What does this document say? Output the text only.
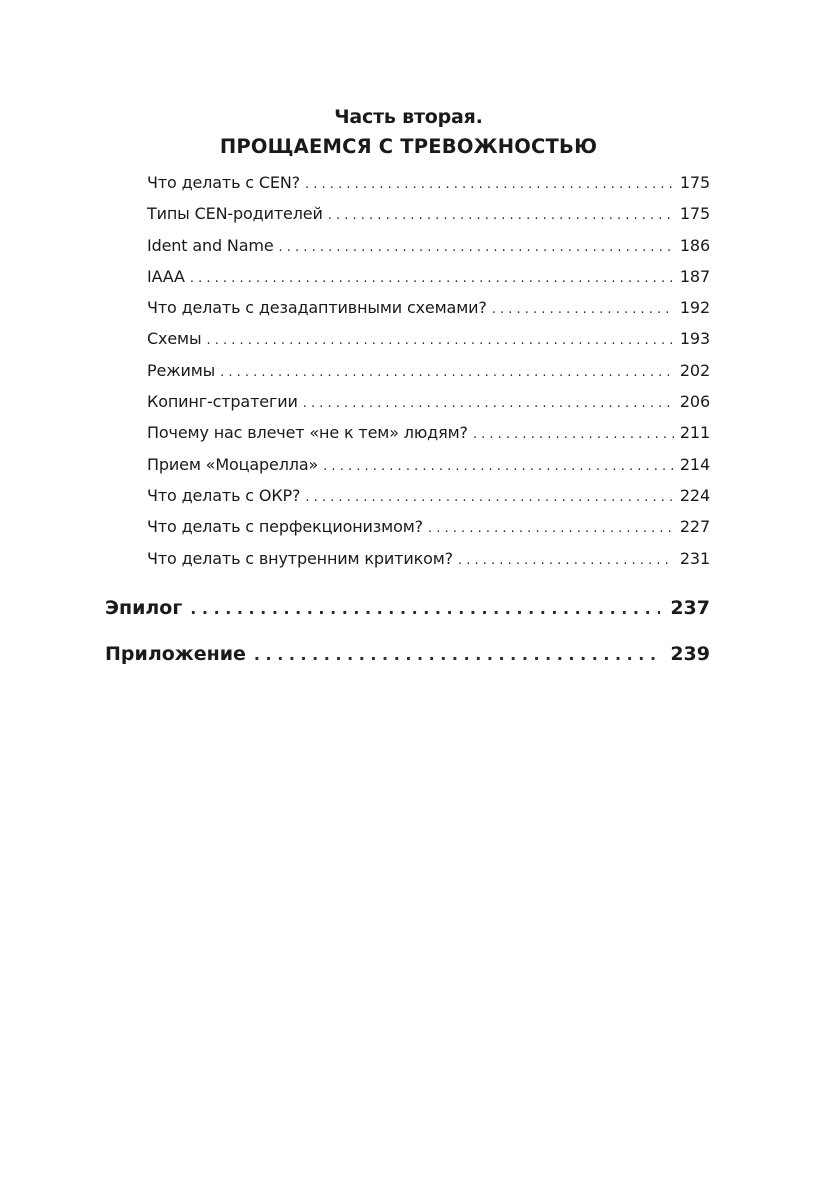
Часть вторая.
ПРОЩАЕМСЯ С ТРЕВОЖНОСТЬЮ
Что делать с CEN? . . .	175
Типы CEN-родителей . . .	175
Ident and Name . . .	186
IAAA . . .	187
Что делать с дезадаптивными схемами? . . .	192
Схемы . . .	193
Режимы . . .	202
Копинг-стратегии . . .	206
Почему нас влечет «не к тем» людям? . . .	211
Прием «Моцарелла» . . .	214
Что делать с ОКР? . . .	224
Что делать с перфекционизмом? . . .	227
Что делать с внутренним критиком? . . .	231
Эпилог . . .	237
Приложение . . .	239
